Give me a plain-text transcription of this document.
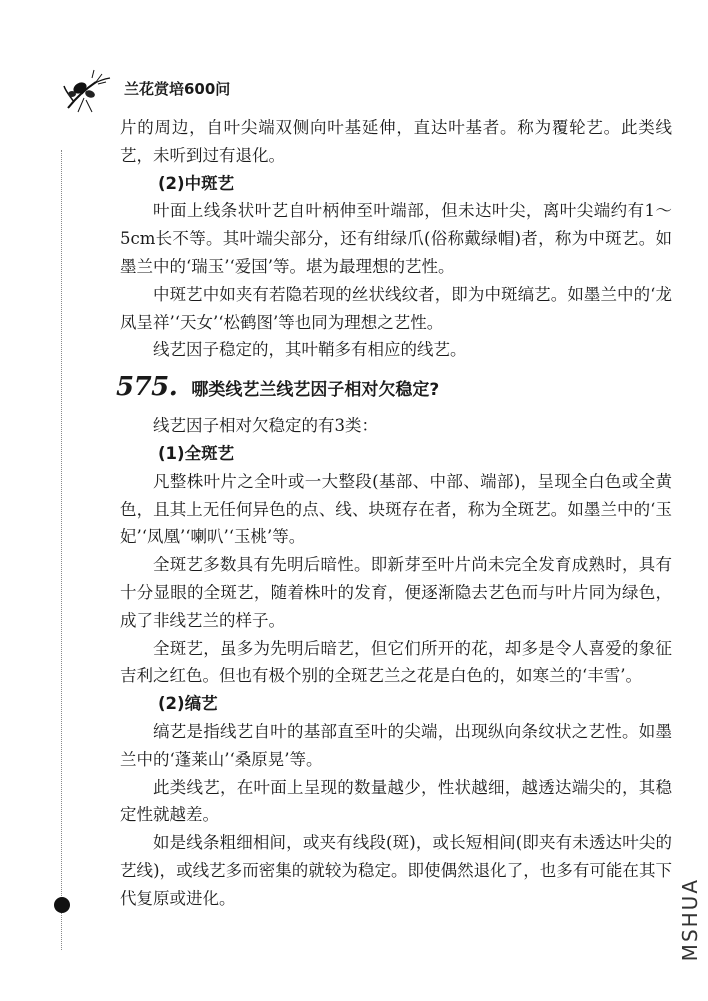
兰花赏培600问

片的周边，自叶尖端双侧向叶基延伸，直达叶基者。称为覆轮艺。此类线艺，未听到过有退化。

(2)中斑艺

叶面上线条状叶艺自叶柄伸至叶端部，但未达叶尖，离叶尖端约有1～5cm长不等。其叶端尖部分，还有绀绿爪(俗称戴绿帽)者，称为中斑艺。如墨兰中的‘瑞玉’‘爱国’等。堪为最理想的艺性。

中斑艺中如夹有若隐若现的丝状线纹者，即为中斑缟艺。如墨兰中的‘龙凤呈祥’‘天女’‘松鹤图’等也同为理想之艺性。

线艺因子稳定的，其叶鞘多有相应的线艺。

575. 哪类线艺兰线艺因子相对欠稳定?

线艺因子相对欠稳定的有3类：

(1)全斑艺

凡整株叶片之全叶或一大整段(基部、中部、端部)，呈现全白色或全黄色，且其上无任何异色的点、线、块斑存在者，称为全斑艺。如墨兰中的‘玉妃’‘凤凰’‘喇叭’‘玉桃’等。

全斑艺多数具有先明后暗性。即新芽至叶片尚未完全发育成熟时，具有十分显眼的全斑艺，随着株叶的发育，便逐渐隐去艺色而与叶片同为绿色，成了非线艺兰的样子。

全斑艺，虽多为先明后暗艺，但它们所开的花，却多是令人喜爱的象征吉利之红色。但也有极个别的全斑艺兰之花是白色的，如寒兰的‘丰雪’。

(2)缟艺

缟艺是指线艺自叶的基部直至叶的尖端，出现纵向条纹状之艺性。如墨兰中的‘蓬莱山’‘桑原晃’等。

此类线艺，在叶面上呈现的数量越少，性状越细，越透达端尖的，其稳定性就越差。

如是线条粗细相间，或夹有线段(斑)，或长短相间(即夹有未透达叶尖的艺线)，或线艺多而密集的就较为稳定。即使偶然退化了，也多有可能在其下代复原或进化。	MSHUA
